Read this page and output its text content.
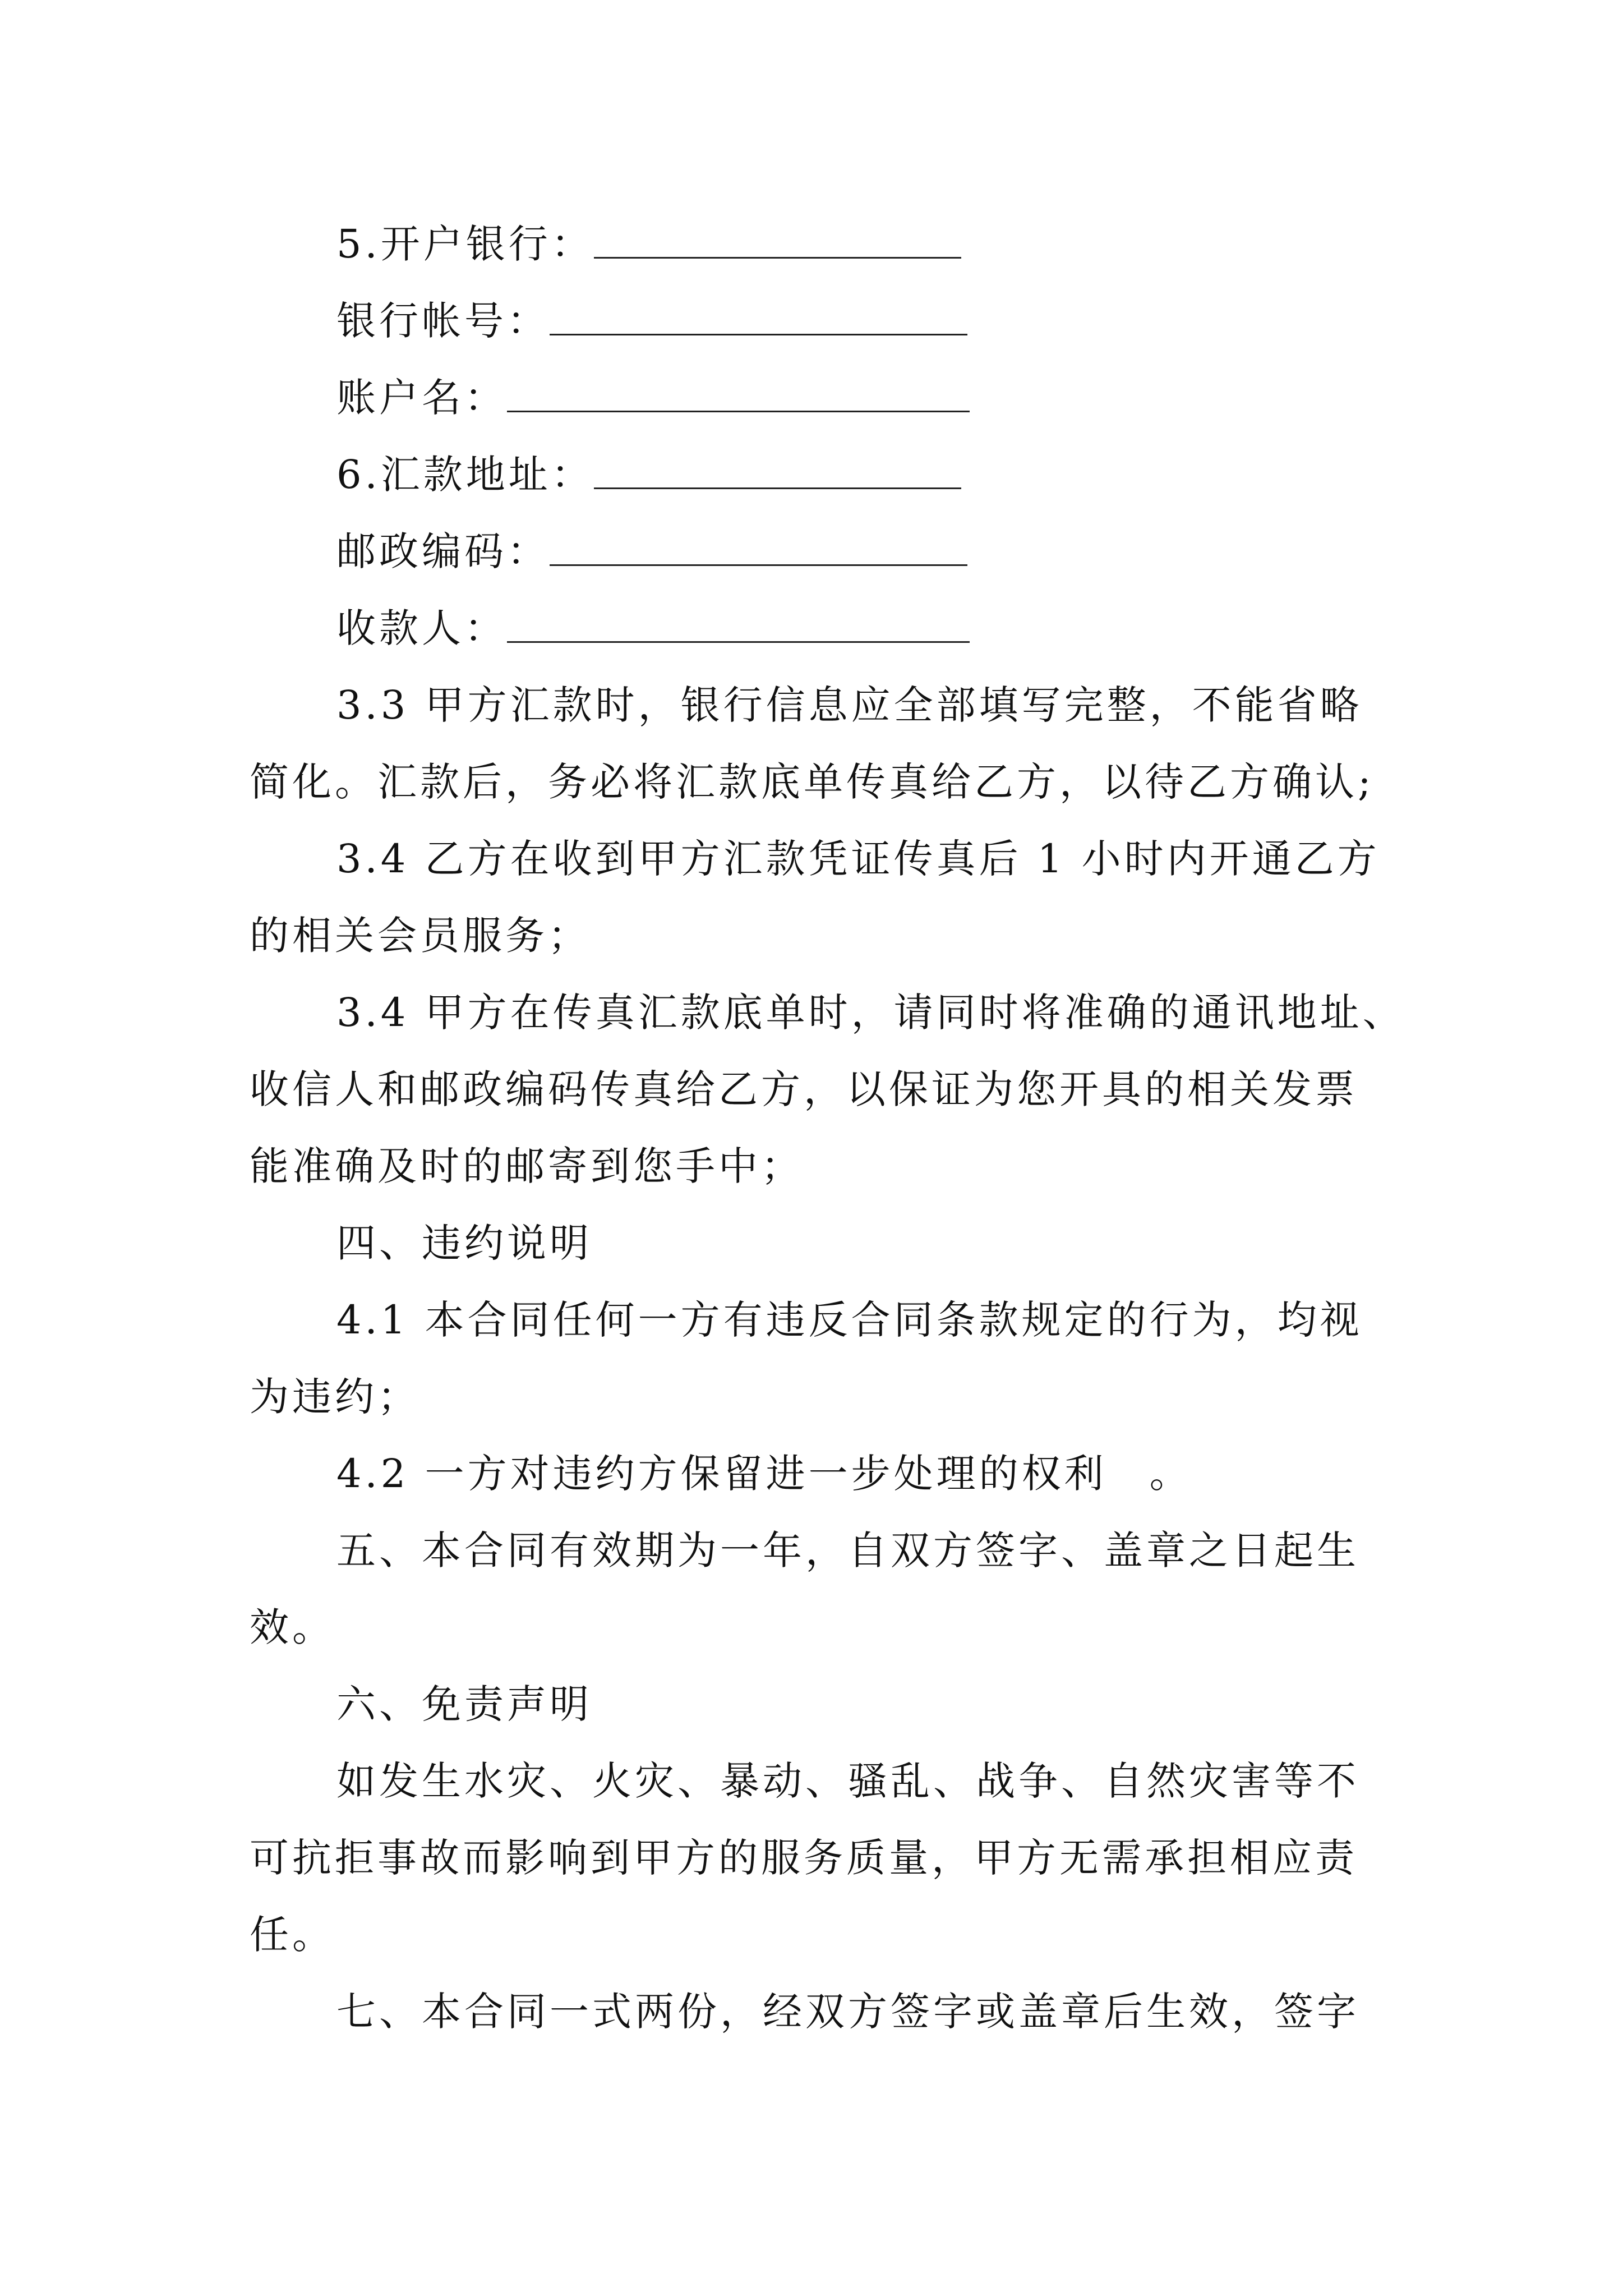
5.开户银行：
银行帐号：
账户名：
6.汇款地址：
邮政编码：
收款人：
3.3 甲方汇款时，银行信息应全部填写完整，不能省略
简化。汇款后，务必将汇款底单传真给乙方，以待乙方确认;
3.4 乙方在收到甲方汇款凭证传真后 1 小时内开通乙方
的相关会员服务；
3.4 甲方在传真汇款底单时，请同时将准确的通讯地址、
收信人和邮政编码传真给乙方，以保证为您开具的相关发票
能准确及时的邮寄到您手中；
四、违约说明
4.1 本合同任何一方有违反合同条款规定的行为，均视
为违约；
4.2 一方对违约方保留进一步处理的权利　。
五、本合同有效期为一年，自双方签字、盖章之日起生
效。
六、免责声明
如发生水灾、火灾、暴动、骚乱、战争、自然灾害等不
可抗拒事故而影响到甲方的服务质量，甲方无需承担相应责
任。
七、本合同一式两份，经双方签字或盖章后生效，签字
